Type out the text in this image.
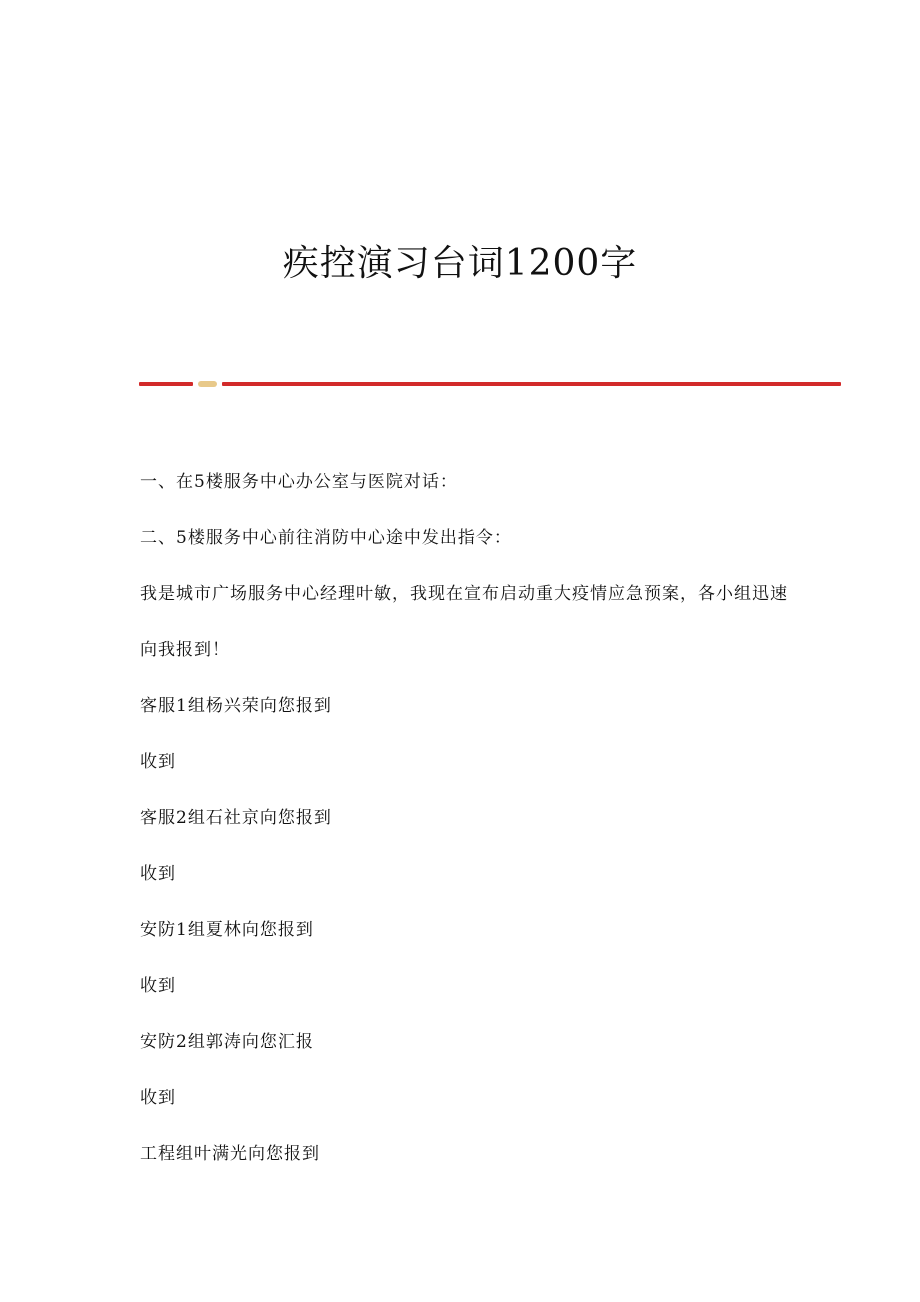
疾控演习台词1200字

一、在5楼服务中心办公室与医院对话：

二、5楼服务中心前往消防中心途中发出指令：

我是城市广场服务中心经理叶敏，我现在宣布启动重大疫情应急预案，各小组迅速向我报到！

客服1组杨兴荣向您报到

收到

客服2组石社京向您报到

收到

安防1组夏林向您报到

收到

安防2组郭涛向您汇报

收到

工程组叶满光向您报到
